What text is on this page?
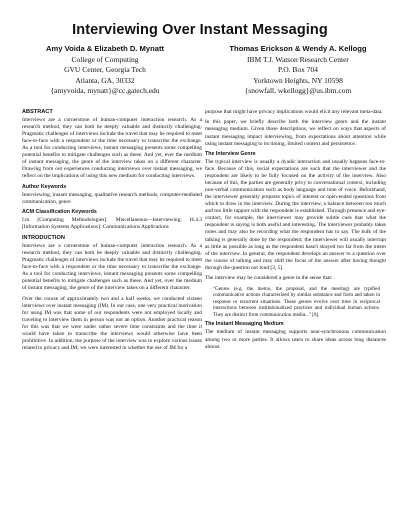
Interviewing Over Instant Messaging
Amy Voida & Elizabeth D. Mynatt
College of Computing
GVU Center, Georgia Tech
Atlanta, GA, 30332
{amyvoida, mynatt}@cc.gatech.edu
Thomas Erickson & Wendy A. Kellogg
IBM T.J. Watson Research Center
P.O. Box 704
Yorktown Heights, NY 10598
{snowfall, wkellogg}@us.ibm.com
ABSTRACT

Interviews are a cornerstone of human-computer interaction research. As a research method, they can both be deeply valuable and distinctly challenging. Pragmatic challenges of interviews include the travel that may be required to meet face-to-face with a respondent or the time necessary to transcribe the exchange. As a tool for conducting interviews, instant messaging presents some compelling potential benefits to mitigate challenges such as these. And yet, ever the medium of instant messaging, the genre of the interview takes on a different character. Drawing from our experiences conducting interviews over instant messaging, we reflect on the implications of using this new medium for conducting interviews.

Author Keywords

Interviewing, instant messaging, qualitative research methods, computer-mediated communication, genre

ACM Classification Keywords

I.m [Computing Methodologies]: Miscellaneous—Interviewing; H.4.3 [Information Systems Applications]: Communications Applications

INTRODUCTION

Interviews are a cornerstone of human-computer interaction research. As a research method, they can both be deeply valuable and distinctly challenging. Pragmatic challenges of interviews include the travel that may be required to meet face-to-face with a respondent or the time necessary to transcribe the exchange. As a tool for conducting interviews, instant messaging presents some compelling potential benefits to mitigate challenges such as these. And yet, over the medium of instant messaging, the genre of the interview takes on a different character.

Over the course of approximately two and a half weeks, we conducted sixteen interviews over instant messaging (IM). In our case, one very practical motivation for using IM was that some of our respondents were not employed locally and traveling to interview them in person was not an option. Another practical reason for this was that we were under rather severe time constraints and the time it would have taken to transcribe the interviews would otherwise have been prohibitive. In addition, the purpose of the interview was to explore various issues related to privacy and IM; we were interested in whether the use of IM for a

purpose that might have privacy implications would elicit any relevant meta-data.

In this paper, we briefly describe both the interview genre and the instant messaging medium. Given those descriptions, we reflect on ways that aspects of instant messaging impact interviewing, from expectations about attention while using instant messaging to its timing, limited context and persistence.

The Interview Genre

The typical interview is usually a dyadic interaction and usually happens face-to-face. Because of this, social expectations are such that the interviewer and the respondent are likely to be fully focused on the activity of the interview. Also because of this, the parties are generally privy to conversational context, including non-verbal communication such as body language and tone of voice. Beforehand, the interviewer generally prepares topics of interest or open-ended questions from which to draw in the interview. During the interview, a balance between too much and too little rapport with the respondent is established. Through presence and eye-contact, for example, the interviewer may provide subtle cues that what the respondent is saying is both useful and interesting. The interviewer probably takes notes and may also be recording what the respondent has to say. The bulk of the talking is generally done by the respondent; the interviewer will usually interrupt as little as possible as long as the respondent hasn't strayed too far from the intent of the interview. In general, the respondent develops an answer to a question over the course of talking and may shift the focus of the answer after having thought through the question out loud [3, 5].

The interview may be considered a genre in the sense that:

"Genres (e.g. the memo, the proposal, and the meeting) are typified communicative actions characterized by similar substance and form and taken in response to recurrent situations. These genres evolve over time in reciprocal interactions between institutionalized practices and individual human actions. They are distinct from communication media..." [8].

The Instant Messaging Medium

The medium of instant messaging supports near-synchronous communication among two or more parties. It allows users to share ideas across long distances almost
